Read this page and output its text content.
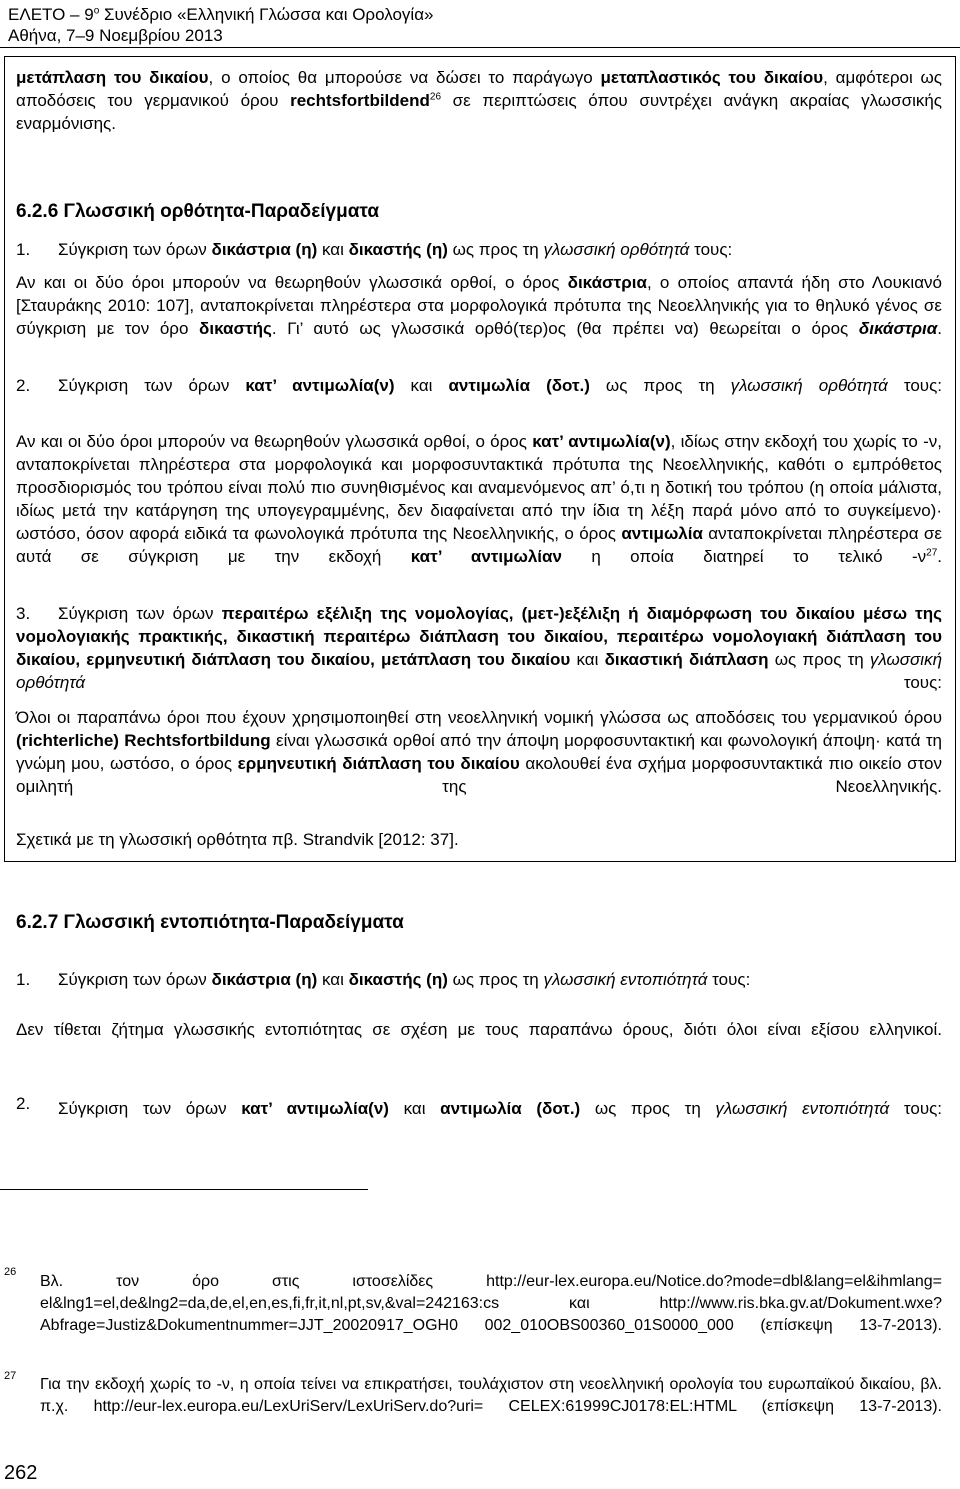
ΕΛΕΤΟ – $9^o$ Συνέδριο «Ελληνική Γλώσσα και Ορολογία»
Αθήνα, 7–9 Νοεμβρίου 2013

μετάπλαση του δικαίου, ο οποίος θα μπορούσε να δώσει το παράγωγο μεταπλαστικός του δικαίου, αμφότεροι ως αποδόσεις του γερμανικού όρου rechtsfortbildend$^{26}$ σε περιπτώσεις όπου συντρέχει ανάγκη ακραίας γλωσσικής εναρμόνισης.

6.2.6 Γλωσσική ορθότητα-Παραδείγματα

1. Σύγκριση των όρων δικάστρια (η) και δικαστής (η) ως προς τη γλωσσική ορθότητά τους:

Αν και οι δύο όροι μπορούν να θεωρηθούν γλωσσικά ορθοί, ο όρος δικάστρια, ο οποίος απαντά ήδη στο Λουκιανό [Σταυράκης 2010: 107], ανταποκρίνεται πληρέστερα στα μορφολογικά πρότυπα της Νεοελληνικής για το θηλυκό γένος σε σύγκριση με τον όρο δικαστής. Γι’ αυτό ως γλωσσικά ορθό(τερ)ος (θα πρέπει να) θεωρείται ο όρος δικάστρια.

2.	Σύγκριση των όρων κατ’ αντιμωλία(ν) και αντιμωλία (δοτ.) ως προς τη γλωσσική ορθότητά τους:

Αν και οι δύο όροι μπορούν να θεωρηθούν γλωσσικά ορθοί, ο όρος κατ’ αντιμωλία(ν), ιδίως στην εκδοχή του χωρίς το -ν, ανταποκρίνεται πληρέστερα στα μορφολογικά και μορφοσυντακτικά πρότυπα της Νεοελληνικής, καθότι ο εμπρόθετος προσδιορισμός του τρόπου είναι πολύ πιο συνηθισμένος και αναμενόμενος απ’ ό,τι η δοτική του τρόπου (η οποία μάλιστα, ιδίως μετά την κατάργηση της υπογεγραμμένης, δεν διαφαίνεται από την ίδια τη λέξη παρά μόνο από το συγκείμενο)· ωστόσο, όσον αφορά ειδικά τα φωνολογικά πρότυπα της Νεοελληνικής, ο όρος αντιμωλία ανταποκρίνεται πληρέστερα σε αυτά σε σύγκριση με την εκδοχή κατ’ αντιμωλίαν η οποία διατηρεί το τελικό $-\nu^{27}$.

3. Σύγκριση των όρων περαιτέρω εξέλιξη της νομολογίας, (μετ-)εξέλιξη ή διαμόρφωση του δικαίου μέσω της νομολογιακής πρακτικής, δικαστική περαιτέρω διάπλαση του δικαίου, περαιτέρω νομολογιακή διάπλαση του δικαίου, ερμηνευτική διάπλαση του δικαίου, μετάπλαση του δικαίου και δικαστική διάπλαση ως προς τη γλωσσική ορθότητά τους:

Όλοι οι παραπάνω όροι που έχουν χρησιμοποιηθεί στη νεοελληνική νομική γλώσσα ως αποδόσεις του γερμανικού όρου (richterliche) Rechtsfortbildung είναι γλωσσικά ορθοί από την άποψη μορφοσυντακτική και φωνολογική άποψη· κατά τη γνώμη μου, ωστόσο, ο όρος ερμηνευτική διάπλαση του δικαίου ακολουθεί ένα σχήμα μορφοσυντακτικά πιο οικείο στον ομιλητή της Νεοελληνικής.

Σχετικά με τη γλωσσική ορθότητα πβ. Strandvik [2012: 37].

6.2.7 Γλωσσική εντοπιότητα-Παραδείγματα

1. Σύγκριση των όρων δικάστρια (η) και δικαστής (η) ως προς τη γλωσσική εντοπιότητά τους:

Δεν τίθεται ζήτημα γλωσσικής εντοπιότητας σε σχέση με τους παραπάνω όρους, διότι όλοι είναι εξίσου ελληνικοί.

2.	Σύγκριση των όρων κατ’ αντιμωλία(ν) και αντιμωλία (δοτ.) ως προς τη γλωσσική εντοπιότητά τους:

26

Βλ. τον όρο στις ιστοσελίδες http://eur-lex.europa.eu/Notice.do?mode=dbl&lang=el&ihmlang= el&lng1=el,de&lng2=da,de,el,en,es,fi,fr,it,nl,pt,sv,&val=242163:cs και http://www.ris.bka.gv.at/Dokument.wxe?Abfrage=Justiz&Dokumentnummer=JJT_20020917_OGH0 002_010OBS00360_01S0000_000 (επίσκεψη 13-7-2013).

27 Για την εκδοχή χωρίς το -ν, η οποία τείνει να επικρατήσει, τουλάχιστον στη νεοελληνική ορολογία του ευρωπαϊκού δικαίου, βλ. π.χ. http://eur-lex.europa.eu/LexUriServ/LexUriServ.do?uri= CELEX:61999CJ0178:EL:HTML (επίσκεψη 13-7-2013).

262
